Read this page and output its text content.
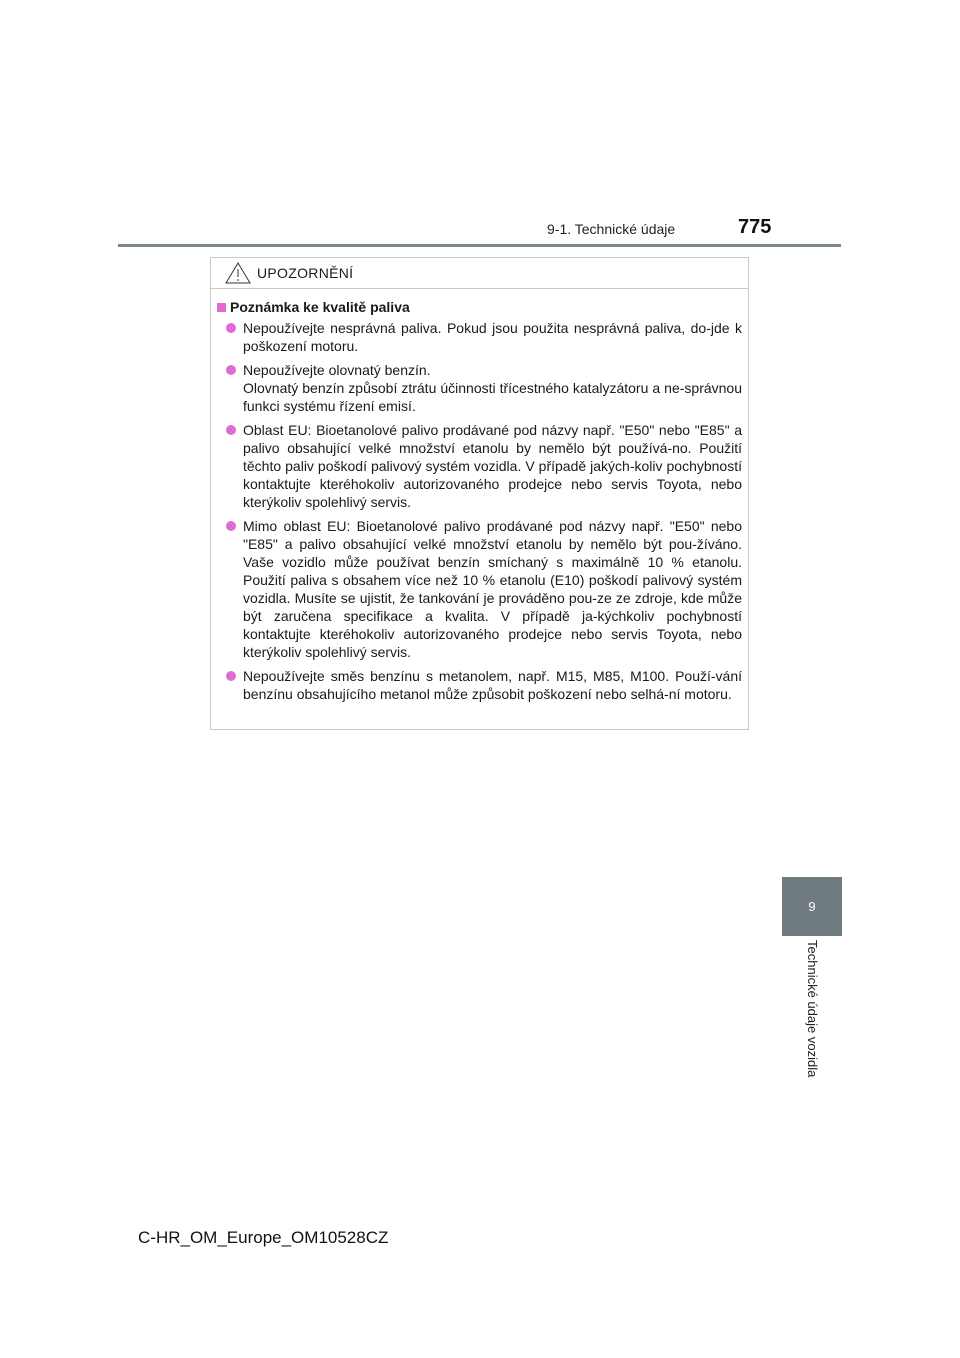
9-1. Technické údaje	775
9
Technické údaje vozidla
UPOZORNĚNÍ
Poznámka ke kvalitě paliva
Nepoužívejte nesprávná paliva. Pokud jsou použita nesprávná paliva, do-jde k poškození motoru.
Nepoužívejte olovnatý benzín.
Olovnatý benzín způsobí ztrátu účinnosti třícestného katalyzátoru a ne-správnou funkci systému řízení emisí.
Oblast EU: Bioetanolové palivo prodávané pod názvy např. "E50" nebo "E85" a palivo obsahující velké množství etanolu by nemělo být používá-no. Použití těchto paliv poškodí palivový systém vozidla. V případě jakých-koliv pochybností kontaktujte kteréhokoliv autorizovaného prodejce nebo servis Toyota, nebo kterýkoliv spolehlivý servis.
Mimo oblast EU: Bioetanolové palivo prodávané pod názvy např. "E50" nebo "E85" a palivo obsahující velké množství etanolu by nemělo být pou-žíváno. Vaše vozidlo může používat benzín smíchaný s maximálně 10 % etanolu. Použití paliva s obsahem více než 10 % etanolu (E10) poškodí palivový systém vozidla. Musíte se ujistit, že tankování je prováděno pou-ze ze zdroje, kde může být zaručena specifikace a kvalita. V případě ja-kýchkoliv pochybností kontaktujte kteréhokoliv autorizovaného prodejce nebo servis Toyota, nebo kterýkoliv spolehlivý servis.
Nepoužívejte směs benzínu s metanolem, např. M15, M85, M100. Použí-vání benzínu obsahujícího metanol může způsobit poškození nebo selhá-ní motoru.
C-HR_OM_Europe_OM10528CZ
